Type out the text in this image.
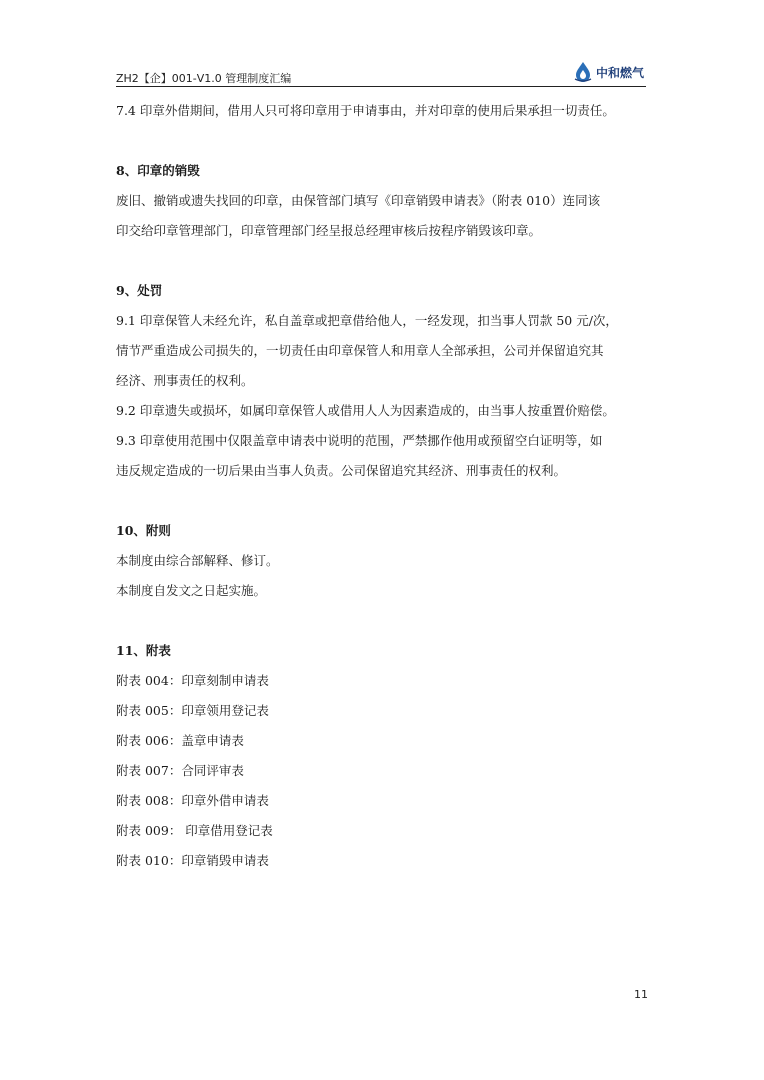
ZH2【企】001-V1.0 管理制度汇编	中和燃气
7.4 印章外借期间，借用人只可将印章用于申请事由，并对印章的使用后果承担一切责任。
8、印章的销毁
废旧、撤销或遗失找回的印章，由保管部门填写《印章销毁申请表》（附表 010）连同该
印交给印章管理部门，印章管理部门经呈报总经理审核后按程序销毁该印章。
9、处罚
9.1 印章保管人未经允许，私自盖章或把章借给他人，一经发现，扣当事人罚款 50 元/次，
情节严重造成公司损失的，一切责任由印章保管人和用章人全部承担，公司并保留追究其
经济、刑事责任的权利。
9.2 印章遗失或损坏，如属印章保管人或借用人人为因素造成的，由当事人按重置价赔偿。
9.3 印章使用范围中仅限盖章申请表中说明的范围，严禁挪作他用或预留空白证明等，如
违反规定造成的一切后果由当事人负责。公司保留追究其经济、刑事责任的权利。
10、附则
本制度由综合部解释、修订。
本制度自发文之日起实施。
11、附表
附表 004：印章刻制申请表
附表 005：印章领用登记表
附表 006：盖章申请表
附表 007：合同评审表
附表 008：印章外借申请表
附表 009： 印章借用登记表
附表 010：印章销毁申请表
11
